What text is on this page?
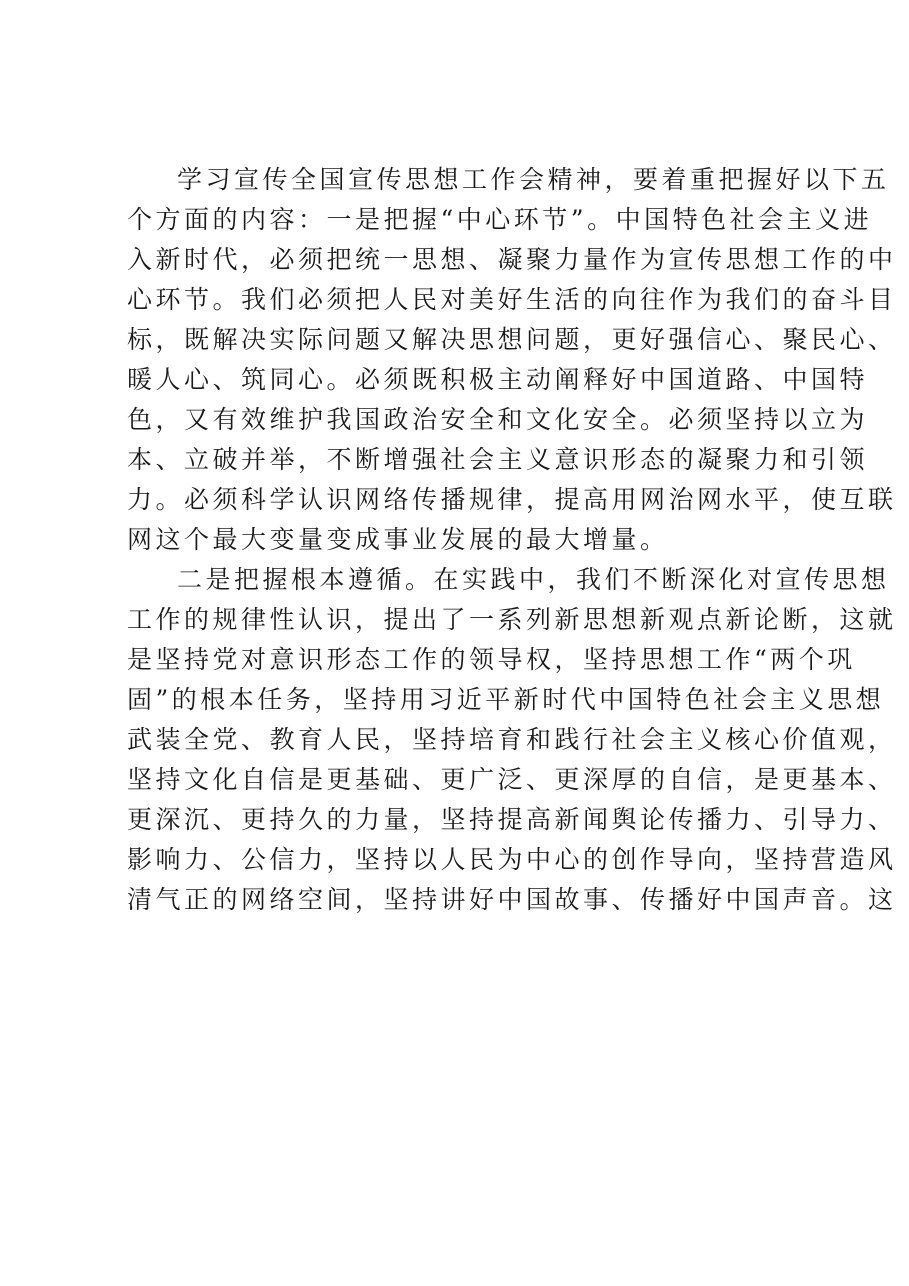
学习宣传全国宣传思想工作会精神，要着重把握好以下五
个方面的内容：一是把握“中心环节”。中国特色社会主义进
入新时代，必须把统一思想、凝聚力量作为宣传思想工作的中
心环节。我们必须把人民对美好生活的向往作为我们的奋斗目
标，既解决实际问题又解决思想问题，更好强信心、聚民心、
暖人心、筑同心。必须既积极主动阐释好中国道路、中国特
色，又有效维护我国政治安全和文化安全。必须坚持以立为
本、立破并举，不断增强社会主义意识形态的凝聚力和引领
力。必须科学认识网络传播规律，提高用网治网水平，使互联
网这个最大变量变成事业发展的最大增量。
二是把握根本遵循。在实践中，我们不断深化对宣传思想
工作的规律性认识，提出了一系列新思想新观点新论断，这就
是坚持党对意识形态工作的领导权，坚持思想工作“两个巩
固”的根本任务，坚持用习近平新时代中国特色社会主义思想
武装全党、教育人民，坚持培育和践行社会主义核心价值观，
坚持文化自信是更基础、更广泛、更深厚的自信，是更基本、
更深沉、更持久的力量，坚持提高新闻舆论传播力、引导力、
影响力、公信力，坚持以人民为中心的创作导向，坚持营造风
清气正的网络空间，坚持讲好中国故事、传播好中国声音。这
